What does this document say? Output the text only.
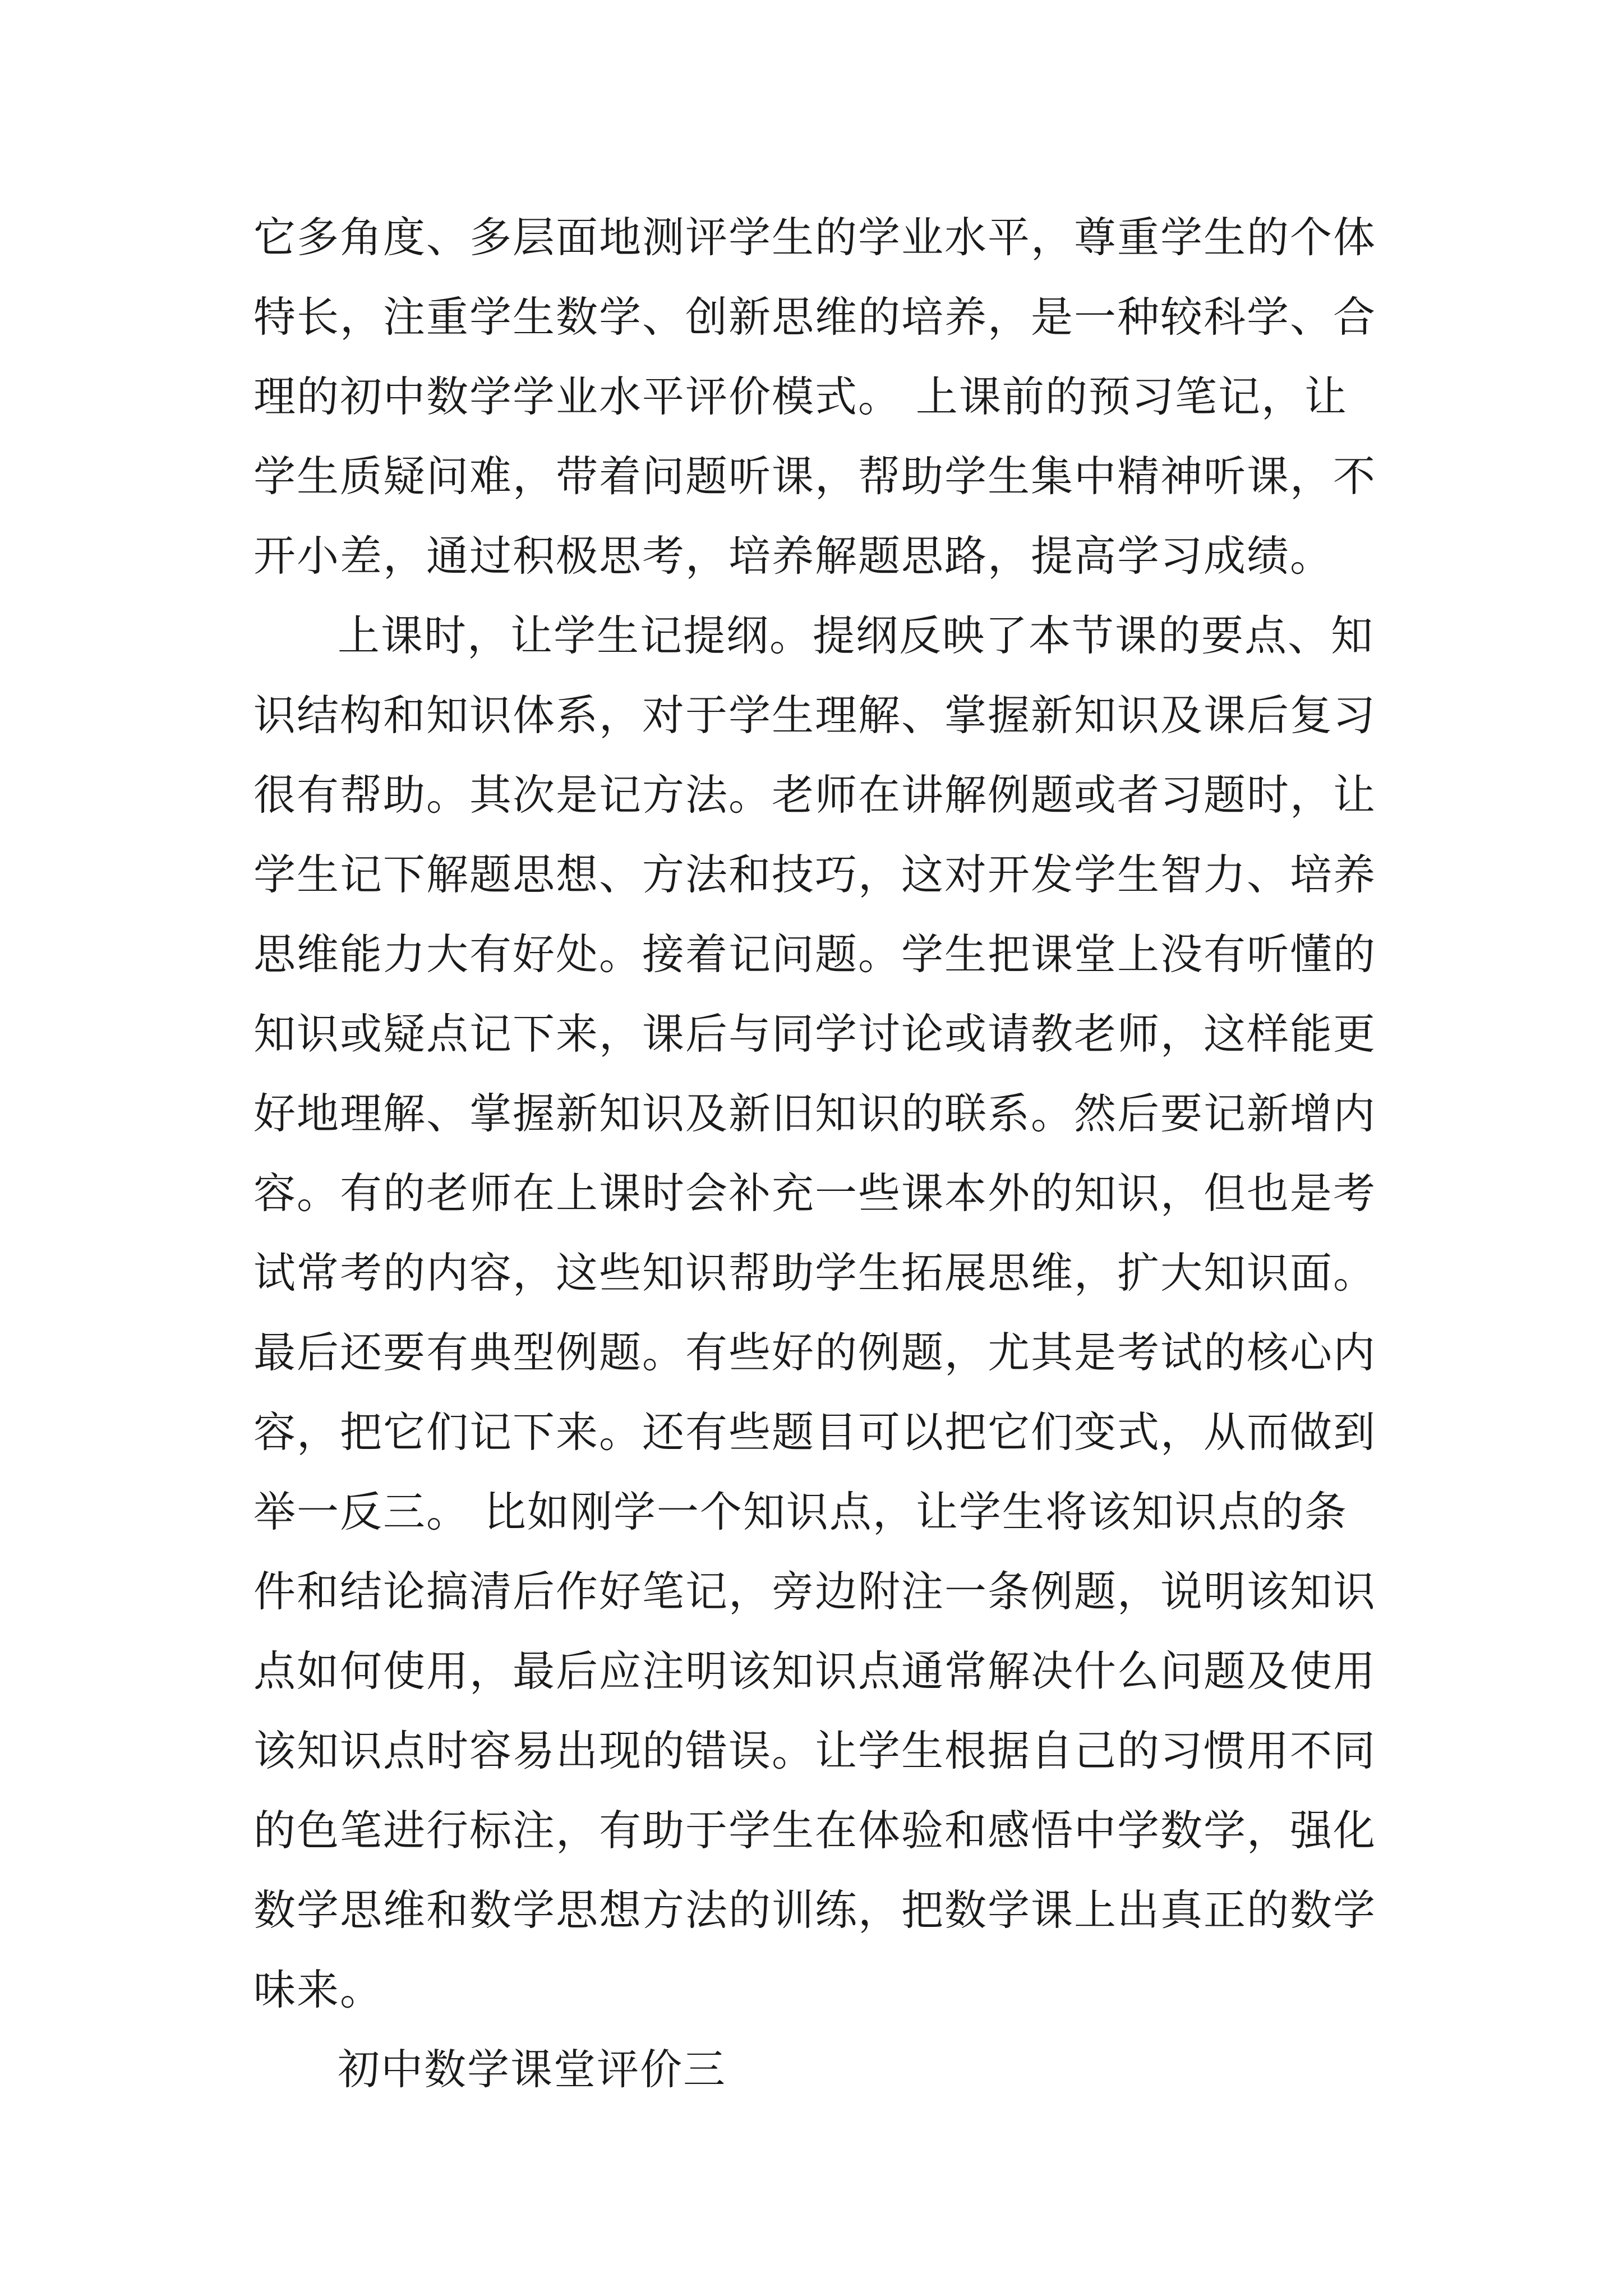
它多角度、多层面地测评学生的学业水平，尊重学生的个体
特长，注重学生数学、创新思维的培养，是一种较科学、合
理的初中数学学业水平评价模式。 上课前的预习笔记，让
学生质疑问难，带着问题听课，帮助学生集中精神听课，不
开小差，通过积极思考，培养解题思路，提高学习成绩。
上课时，让学生记提纲。提纲反映了本节课的要点、知
识结构和知识体系，对于学生理解、掌握新知识及课后复习
很有帮助。其次是记方法。老师在讲解例题或者习题时，让
学生记下解题思想、方法和技巧，这对开发学生智力、培养
思维能力大有好处。接着记问题。学生把课堂上没有听懂的
知识或疑点记下来，课后与同学讨论或请教老师，这样能更
好地理解、掌握新知识及新旧知识的联系。然后要记新增内
容。有的老师在上课时会补充一些课本外的知识，但也是考
试常考的内容，这些知识帮助学生拓展思维，扩大知识面。
最后还要有典型例题。有些好的例题，尤其是考试的核心内
容，把它们记下来。还有些题目可以把它们变式，从而做到
举一反三。 比如刚学一个知识点，让学生将该知识点的条
件和结论搞清后作好笔记，旁边附注一条例题，说明该知识
点如何使用，最后应注明该知识点通常解决什么问题及使用
该知识点时容易出现的错误。让学生根据自己的习惯用不同
的色笔进行标注，有助于学生在体验和感悟中学数学，强化
数学思维和数学思想方法的训练，把数学课上出真正的数学
味来。
初中数学课堂评价三
